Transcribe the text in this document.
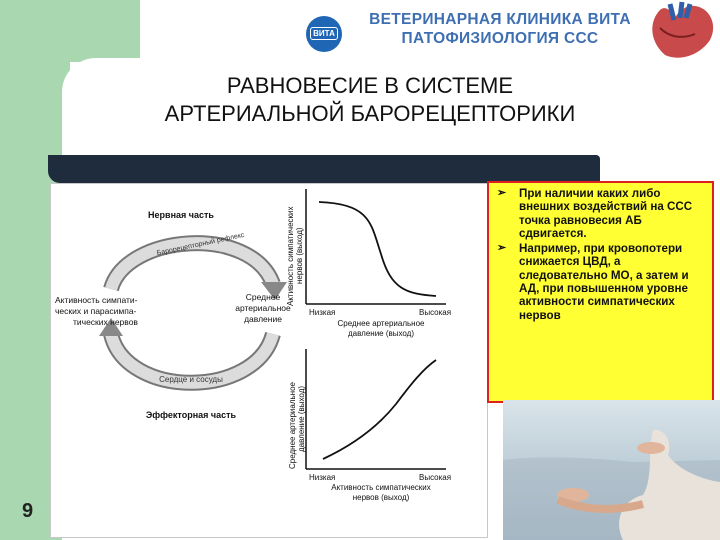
ВИТА
ВЕТЕРИНАРНАЯ КЛИНИКА ВИТА
ПАТОФИЗИОЛОГИЯ ССС
РАВНОВЕСИЕ В СИСТЕМЕ
АРТЕРИАЛЬНОЙ БАРОРЕЦЕПТОРИКИ
Барорецепторный рефлекс
Сердце и сосуды
Нервная часть
Эффекторная часть
Активность симпати-
ческих и парасимпа-
тических нервов
Среднее
артериальное
давление
Активность симпатических нервов (выход)
Низкая	Высокая
Среднее артериальное
давление (выход)
Среднее артериальное давление (выход)
Низкая	Высокая
Активность симпатических
нервов (выход)
➢ При наличии каких либо внешних воздействий на ССС точка равновесия АБ сдвигается.
➢ Например, при кровопотери снижается ЦВД, а следовательно МО, а затем и АД, при повышенном уровне активности симпатических нервов
9
